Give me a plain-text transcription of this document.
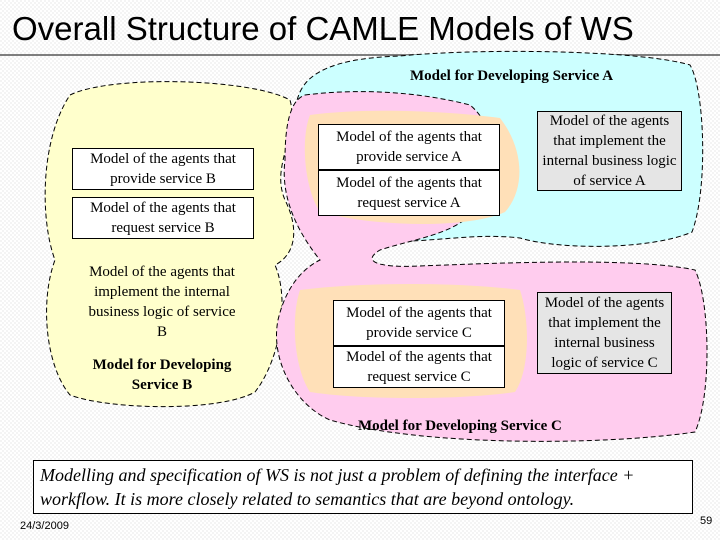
Overall Structure of CAMLE Models of WS
Model for Developing Service A
Model of the agents that provide service B
Model of the agents that request service B
Model of the agents that implement the internal business logic of service B
Model for Developing Service B
Model of the agents that provide service A
Model of the agents that request service A
Model of the agents that implement the internal business logic of service A
Model of the agents that provide service C
Model of the agents that request service C
Model of the agents that implement the internal business logic of service C
Model for Developing Service C
Modelling and specification of WS is not just a problem of defining the interface + workflow. It is more closely related to semantics that are beyond ontology.
24/3/2009	59
